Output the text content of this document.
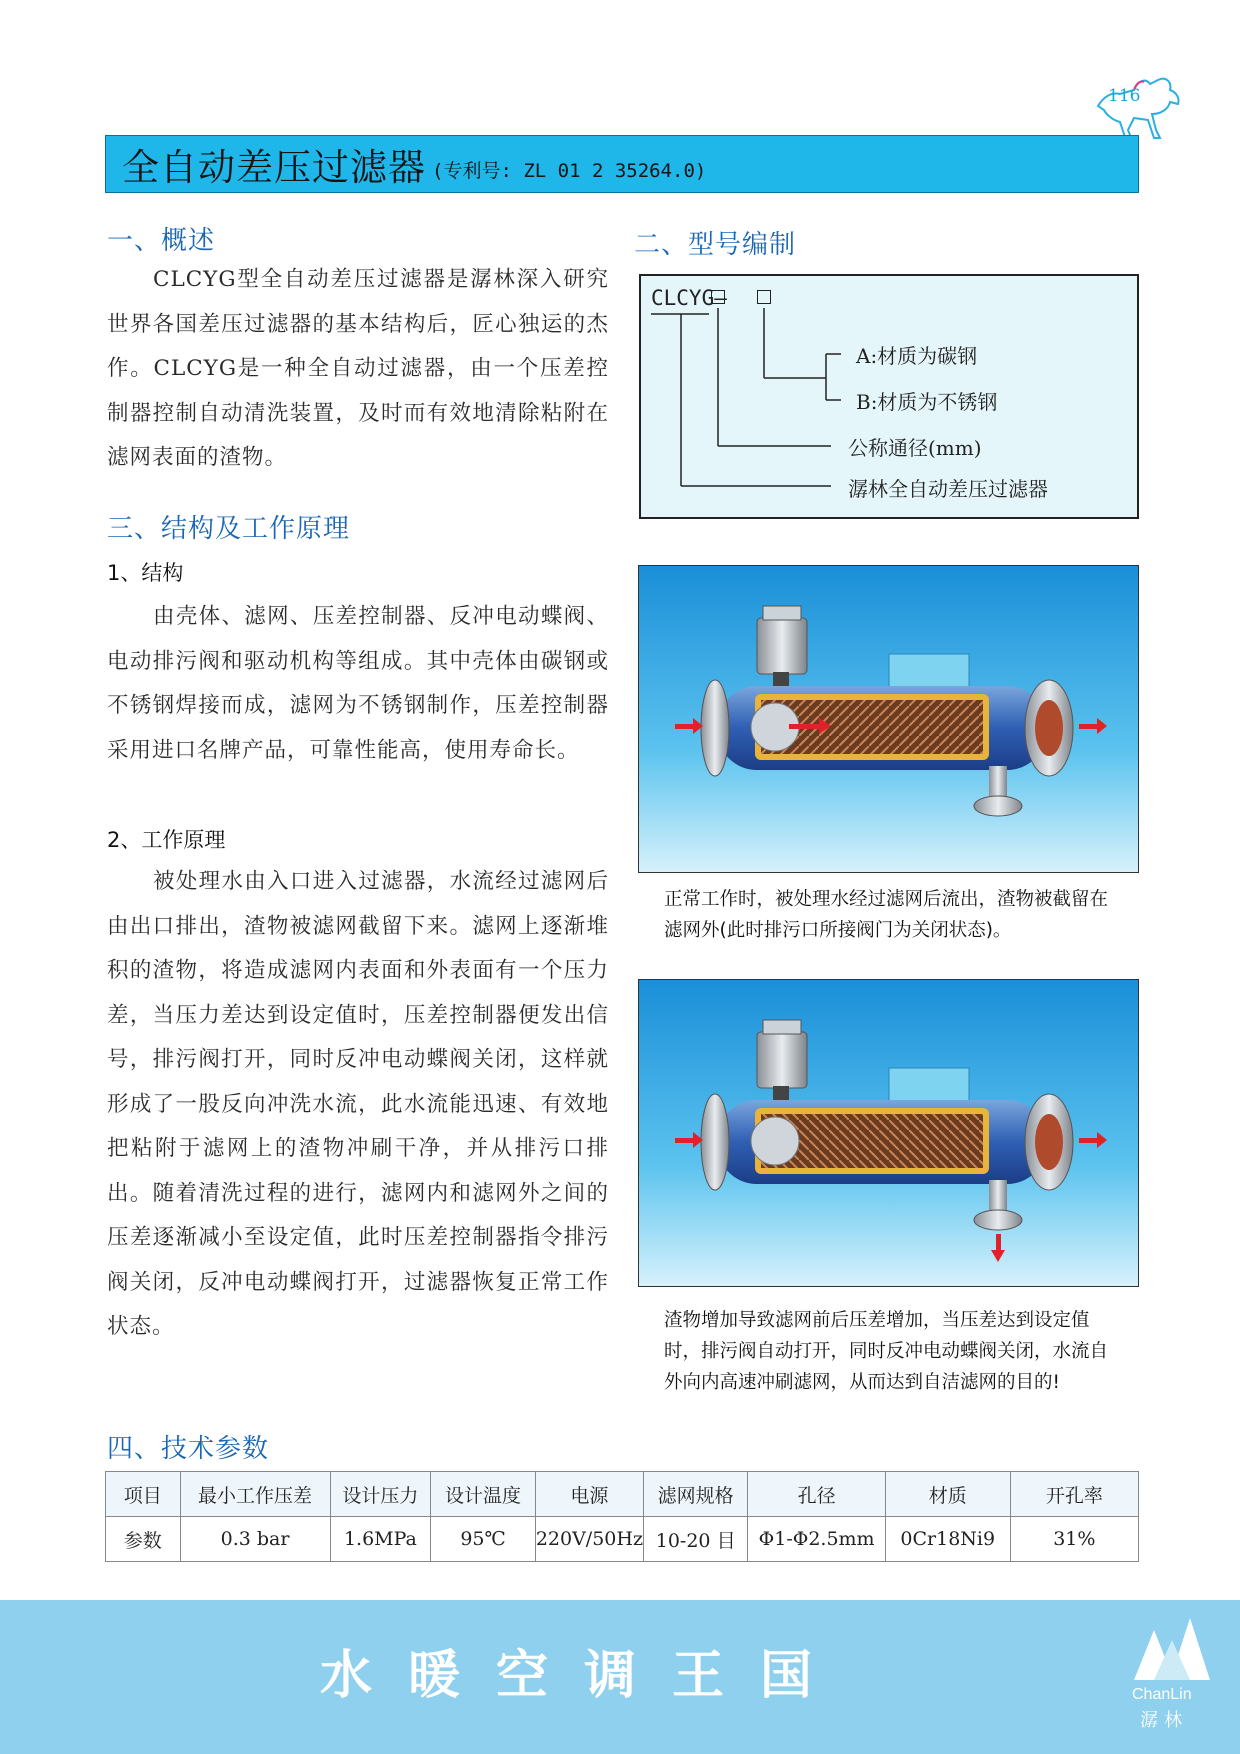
116
全自动差压过滤器 (专利号: ZL 01 2 35264.0)
一、概述

CLCYG型全自动差压过滤器是潺林深入研究世界各国差压过滤器的基本结构后，匠心独运的杰作。CLCYG是一种全自动过滤器，由一个压差控制器控制自动清洗装置，及时而有效地清除粘附在滤网表面的渣物。

二、型号编制
CLCYG—
A:材质为碳钢
B:材质为不锈钢
公称通径(mm)
潺林全自动差压过滤器
三、结构及工作原理
1、结构

由壳体、滤网、压差控制器、反冲电动蝶阀、电动排污阀和驱动机构等组成。其中壳体由碳钢或不锈钢焊接而成，滤网为不锈钢制作，压差控制器采用进口名牌产品，可靠性能高，使用寿命长。

2、工作原理

被处理水由入口进入过滤器，水流经过滤网后由出口排出，渣物被滤网截留下来。滤网上逐渐堆积的渣物，将造成滤网内表面和外表面有一个压力差，当压力差达到设定值时，压差控制器便发出信号，排污阀打开，同时反冲电动蝶阀关闭，这样就形成了一股反向冲洗水流，此水流能迅速、有效地把粘附于滤网上的渣物冲刷干净，并从排污口排出。随着清洗过程的进行，滤网内和滤网外之间的压差逐渐减小至设定值，此时压差控制器指令排污阀关闭，反冲电动蝶阀打开，过滤器恢复正常工作状态。

正常工作时，被处理水经过滤网后流出，渣物被截留在滤网外(此时排污口所接阀门为关闭状态)。

渣物增加导致滤网前后压差增加，当压差达到设定值时，排污阀自动打开，同时反冲电动蝶阀关闭，水流自外向内高速冲刷滤网，从而达到自洁滤网的目的!

四、技术参数
项目	最小工作压差	设计压力	设计温度	电源	滤网规格	孔径	材质	开孔率
参数	0.3 bar	1.6MPa	95℃	220V/50Hz	10-20 目	Φ1-Φ2.5mm	0Cr18Ni9	31%
水暖空调王国	ChanLin
潺林
